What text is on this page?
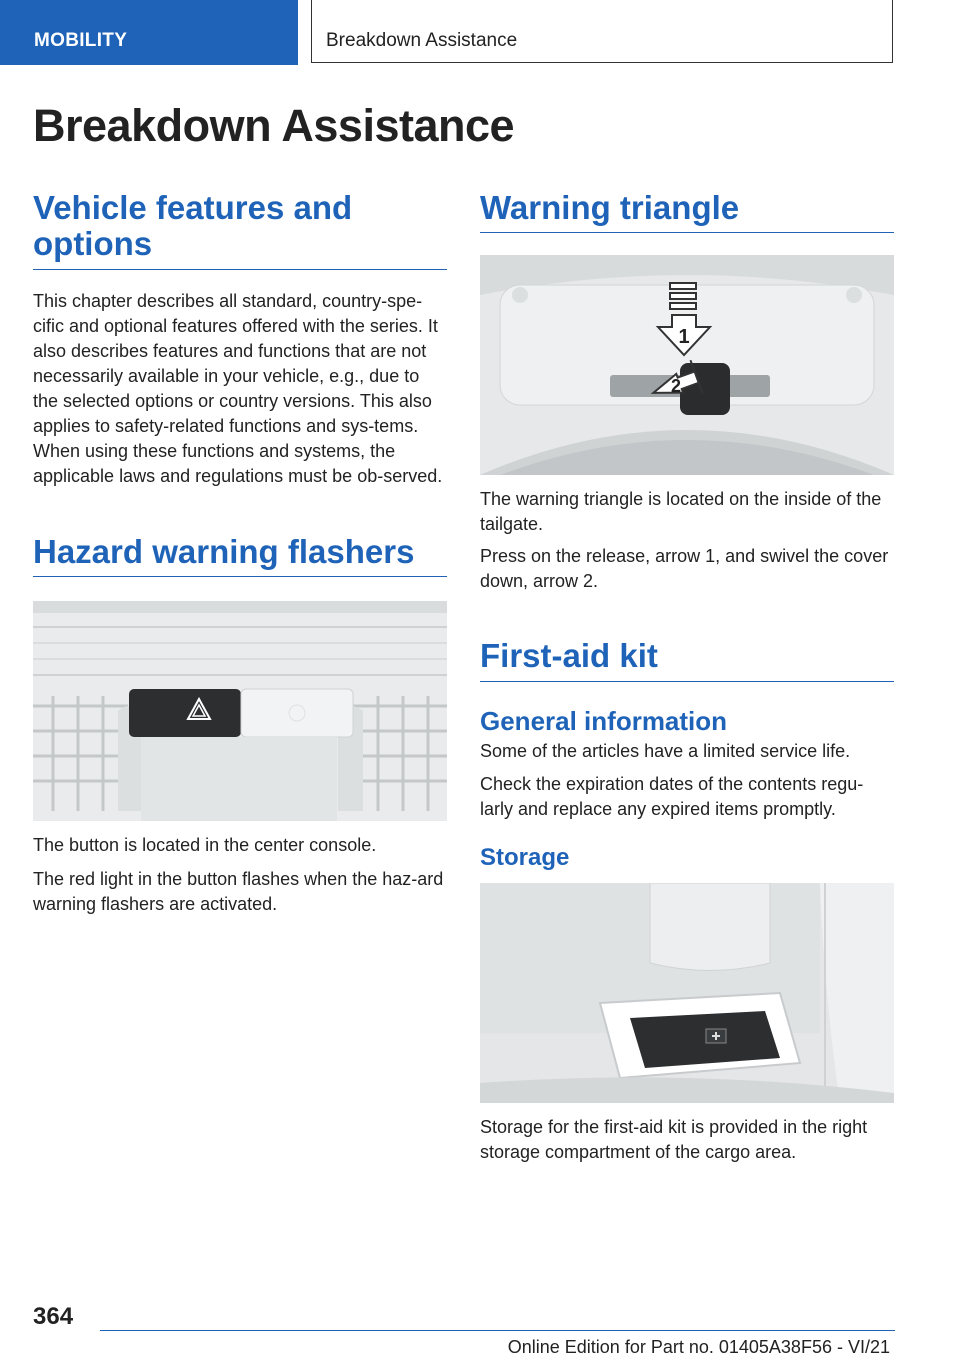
MOBILITY	Breakdown Assistance
Breakdown Assistance
Vehicle features and options

This chapter describes all standard, country-spe-cific and optional features offered with the series. It also describes features and functions that are not necessarily available in your vehicle, e.g., due to the selected options or country versions. This also applies to safety-related functions and sys-tems. When using these functions and systems, the applicable laws and regulations must be ob-served.

Hazard warning flashers

The button is located in the center console.

The red light in the button flashes when the haz-ard warning flashers are activated.

Warning triangle
1
2

The warning triangle is located on the inside of the tailgate.

Press on the release, arrow 1, and swivel the cover down, arrow 2.

First-aid kit
General information

Some of the articles have a limited service life.

Check the expiration dates of the contents regu-larly and replace any expired items promptly.

Storage

Storage for the first-aid kit is provided in the right storage compartment of the cargo area.

364
Online Edition for Part no. 01405A38F56 - VI/21
